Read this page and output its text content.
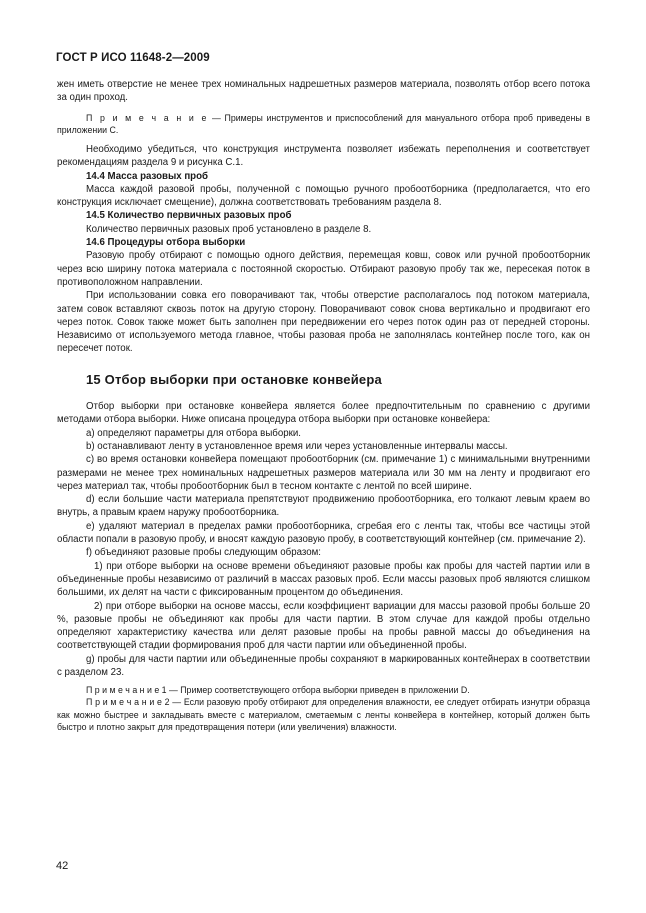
ГОСТ Р ИСО 11648-2—2009

жен иметь отверстие не менее трех номинальных надрешетных размеров материала, позволять отбор всего потока за один проход.

П р и м е ч а н и е — Примеры инструментов и приспособлений для мануального отбора проб приведены в приложении С.

Необходимо убедиться, что конструкция инструмента позволяет избежать переполнения и соответствует рекомендациям раздела 9 и рисунка С.1.

14.4 Масса разовых проб

Масса каждой разовой пробы, полученной с помощью ручного пробоотборника (предполагается, что его конструкция исключает смещение), должна соответствовать требованиям раздела 8.

14.5 Количество первичных разовых проб

Количество первичных разовых проб установлено в разделе 8.

14.6 Процедуры отбора выборки

Разовую пробу отбирают с помощью одного действия, перемещая ковш, совок или ручной пробоотборник через всю ширину потока материала с постоянной скоростью. Отбирают разовую пробу так же, пересекая поток в противоположном направлении.

При использовании совка его поворачивают так, чтобы отверстие располагалось под потоком материала, затем совок вставляют сквозь поток на другую сторону. Поворачивают совок снова вертикально и продвигают его через поток. Совок также может быть заполнен при передвижении его через поток один раз от передней стороны. Независимо от используемого метода главное, чтобы разовая проба не заполнялась контейнер после того, как он пересечет поток.

15 Отбор выборки при остановке конвейера

Отбор выборки при остановке конвейера является более предпочтительным по сравнению с другими методами отбора выборки. Ниже описана процедура отбора выборки при остановке конвейера:

a) определяют параметры для отбора выборки.

b) останавливают ленту в установленное время или через установленные интервалы массы.

c) во время остановки конвейера помещают пробоотборник (см. примечание 1) с минимальными внутренними размерами не менее трех номинальных надрешетных размеров материала или 30 мм на ленту и продвигают его через материал так, чтобы пробоотборник был в тесном контакте с лентой по всей ширине.

d) если большие части материала препятствуют продвижению пробоотборника, его толкают левым краем во внутрь, а правым краем наружу пробоотборника.

e) удаляют материал в пределах рамки пробоотборника, сгребая его с ленты так, чтобы все частицы этой области попали в разовую пробу, и вносят каждую разовую пробу, в соответствующий контейнер (см. примечание 2).

f) объединяют разовые пробы следующим образом:

1) при отборе выборки на основе времени объединяют разовые пробы как пробы для частей партии или в объединенные пробы независимо от различий в массах разовых проб. Если массы разовых проб являются слишком большими, их делят на части с фиксированным процентом до объединения.

2) при отборе выборки на основе массы, если коэффициент вариации для массы разовой пробы больше 20 %, разовые пробы не объединяют как пробы для части партии. В этом случае для каждой пробы отдельно определяют характеристику качества или делят разовые пробы на пробы равной массы до объединения на соответствующей стадии формирования проб для части партии или объединенной пробы.

g) пробы для части партии или объединенные пробы сохраняют в маркированных контейнерах в соответствии с разделом 23.

П р и м е ч а н и е 1 — Пример соответствующего отбора выборки приведен в приложении D.

П р и м е ч а н и е 2 — Если разовую пробу отбирают для определения влажности, ее следует отбирать изнутри образца как можно быстрее и закладывать вместе с материалом, сметаемым с ленты конвейера в контейнер, который должен быть быстро и плотно закрыт для предотвращения потери (или увеличения) влажности.

42
